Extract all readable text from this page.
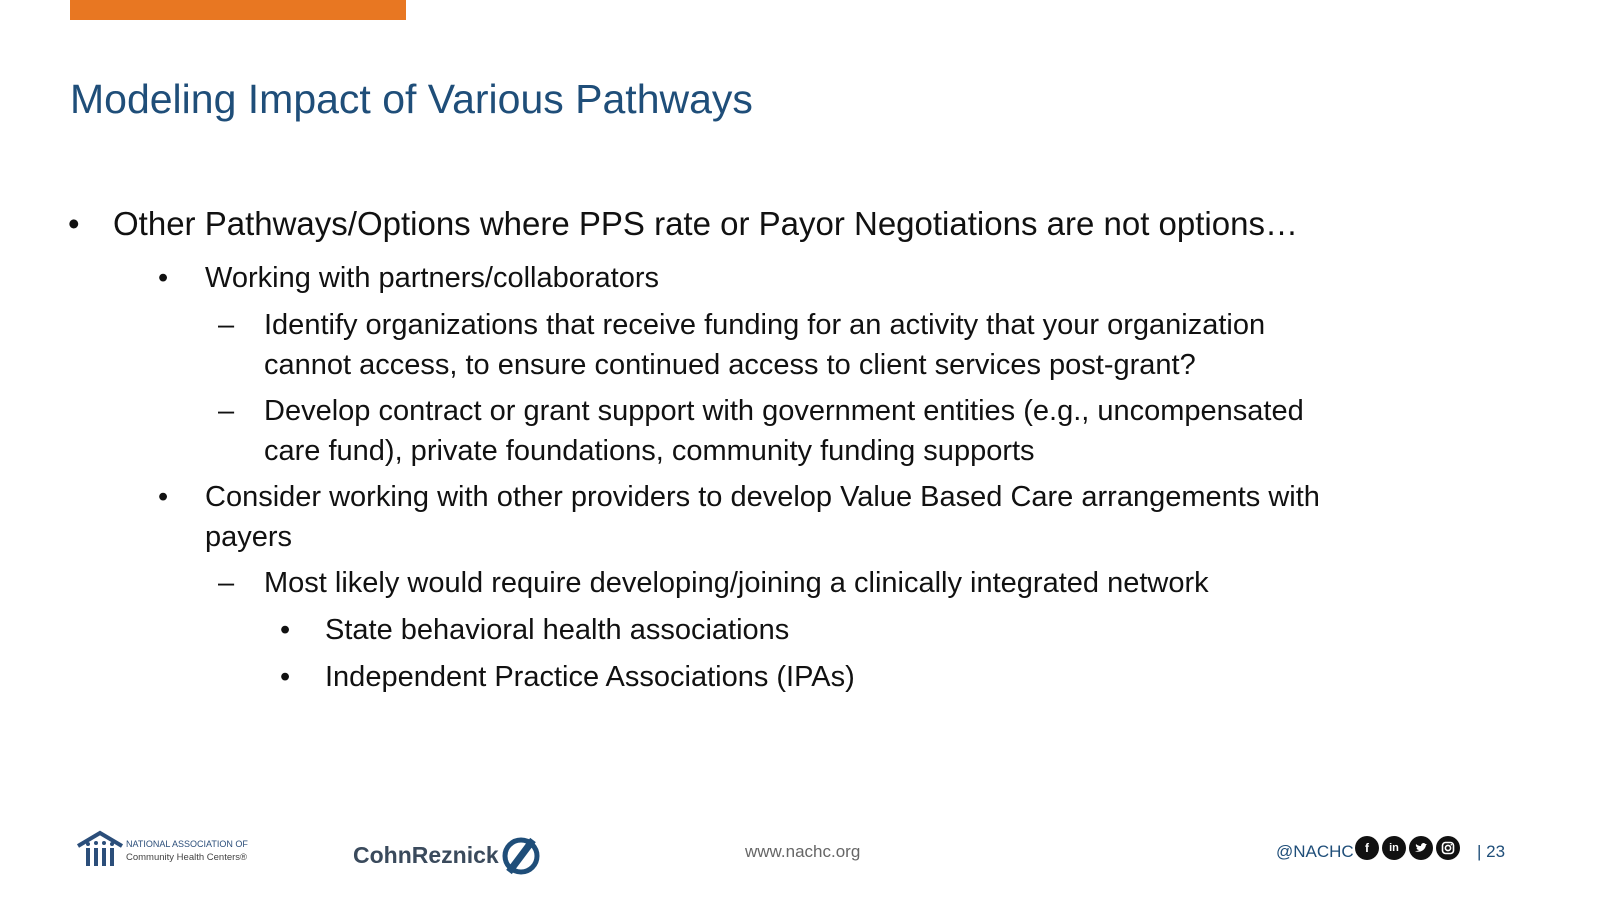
Modeling Impact of Various Pathways
• Other Pathways/Options where PPS rate or Payor Negotiations are not options…
• Working with partners/collaborators
– Identify organizations that receive funding for an activity that your organization
cannot access, to ensure continued access to client services post-grant?
– Develop contract or grant support with government entities (e.g., uncompensated
care fund), private foundations, community funding supports
• Consider working with other providers to develop Value Based Care arrangements with
payers
– Most likely would require developing/joining a clinically integrated network
• State behavioral health associations
• Independent Practice Associations (IPAs)
NATIONAL ASSOCIATION OF
Community Health Centers®	CohnReznick	www.nachc.org	@NACHC f	in	| 23
